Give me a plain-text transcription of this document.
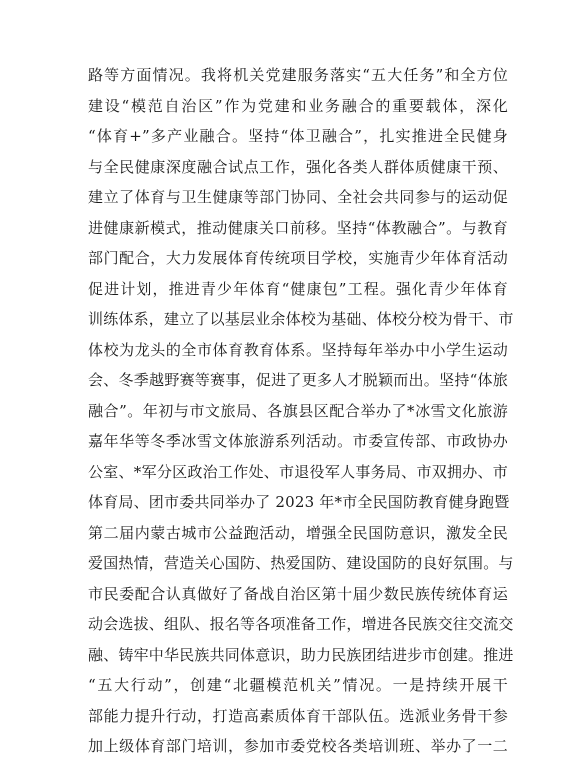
路等方面情况。我将机关党建服务落实“五大任务”和全方位
建设“模范自治区”作为党建和业务融合的重要载体，深化
“体育+”多产业融合。坚持“体卫融合”，扎实推进全民健身
与全民健康深度融合试点工作，强化各类人群体质健康干预、
建立了体育与卫生健康等部门协同、全社会共同参与的运动促
进健康新模式，推动健康关口前移。坚持“体教融合”。与教育
部门配合，大力发展体育传统项目学校，实施青少年体育活动
促进计划，推进青少年体育“健康包”工程。强化青少年体育
训练体系，建立了以基层业余体校为基础、体校分校为骨干、市
体校为龙头的全市体育教育体系。坚持每年举办中小学生运动
会、冬季越野赛等赛事，促进了更多人才脱颖而出。坚持“体旅
融合”。年初与市文旅局、各旗县区配合举办了*冰雪文化旅游
嘉年华等冬季冰雪文体旅游系列活动。市委宣传部、市政协办
公室、*军分区政治工作处、市退役军人事务局、市双拥办、市
体育局、团市委共同举办了 2023 年*市全民国防教育健身跑暨
第二届内蒙古城市公益跑活动，增强全民国防意识，激发全民
爱国热情，营造关心国防、热爱国防、建设国防的良好氛围。与
市民委配合认真做好了备战自治区第十届少数民族传统体育运
动会选拔、组队、报名等各项准备工作，增进各民族交往交流交
融、铸牢中华民族共同体意识，助力民族团结进步市创建。推进
“五大行动”，创建“北疆模范机关”情况。一是持续开展干
部能力提升行动，打造高素质体育干部队伍。选派业务骨干参
加上级体育部门培训，参加市委党校各类培训班、举办了一二
